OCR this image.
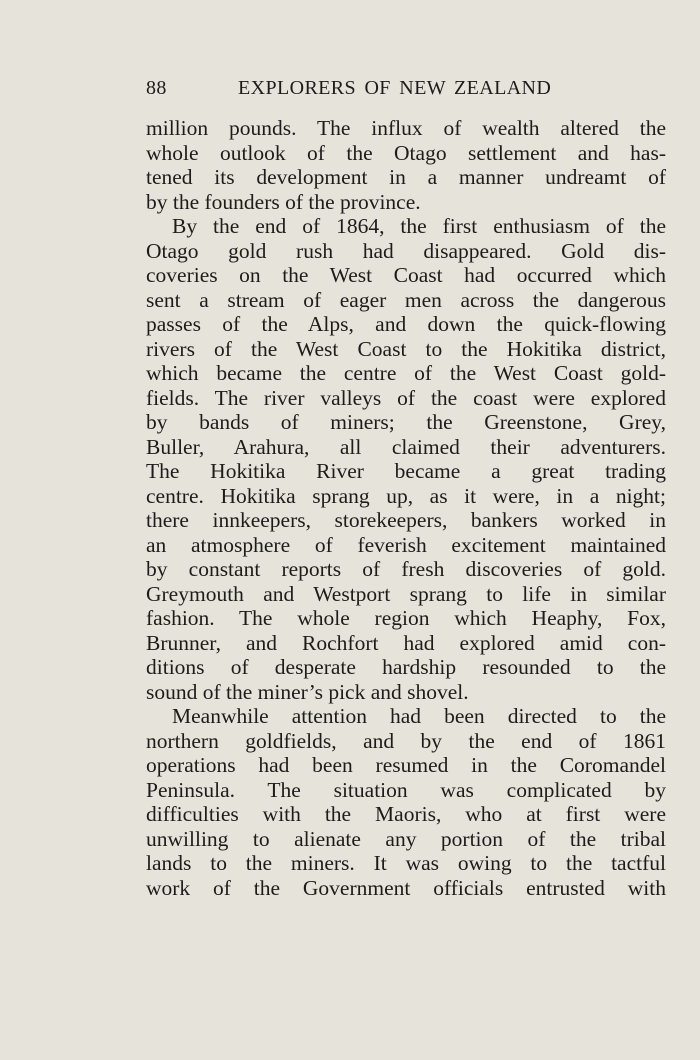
88	EXPLORERS OF NEW ZEALAND
million pounds. The influx of wealth altered the
whole outlook of the Otago settlement and has-
tened its development in a manner undreamt of
by the founders of the province.
By the end of 1864, the first enthusiasm of the
Otago gold rush had disappeared. Gold dis-
coveries on the West Coast had occurred which
sent a stream of eager men across the dangerous
passes of the Alps, and down the quick-flowing
rivers of the West Coast to the Hokitika district,
which became the centre of the West Coast gold-
fields. The river valleys of the coast were explored
by bands of miners; the Greenstone, Grey,
Buller, Arahura, all claimed their adventurers.
The Hokitika River became a great trading
centre. Hokitika sprang up, as it were, in a night;
there innkeepers, storekeepers, bankers worked in
an atmosphere of feverish excitement maintained
by constant reports of fresh discoveries of gold.
Greymouth and Westport sprang to life in similar
fashion. The whole region which Heaphy, Fox,
Brunner, and Rochfort had explored amid con-
ditions of desperate hardship resounded to the
sound of the miner’s pick and shovel.
Meanwhile attention had been directed to the
northern goldfields, and by the end of 1861
operations had been resumed in the Coromandel
Peninsula. The situation was complicated by
difficulties with the Maoris, who at first were
unwilling to alienate any portion of the tribal
lands to the miners. It was owing to the tactful
work of the Government officials entrusted with
